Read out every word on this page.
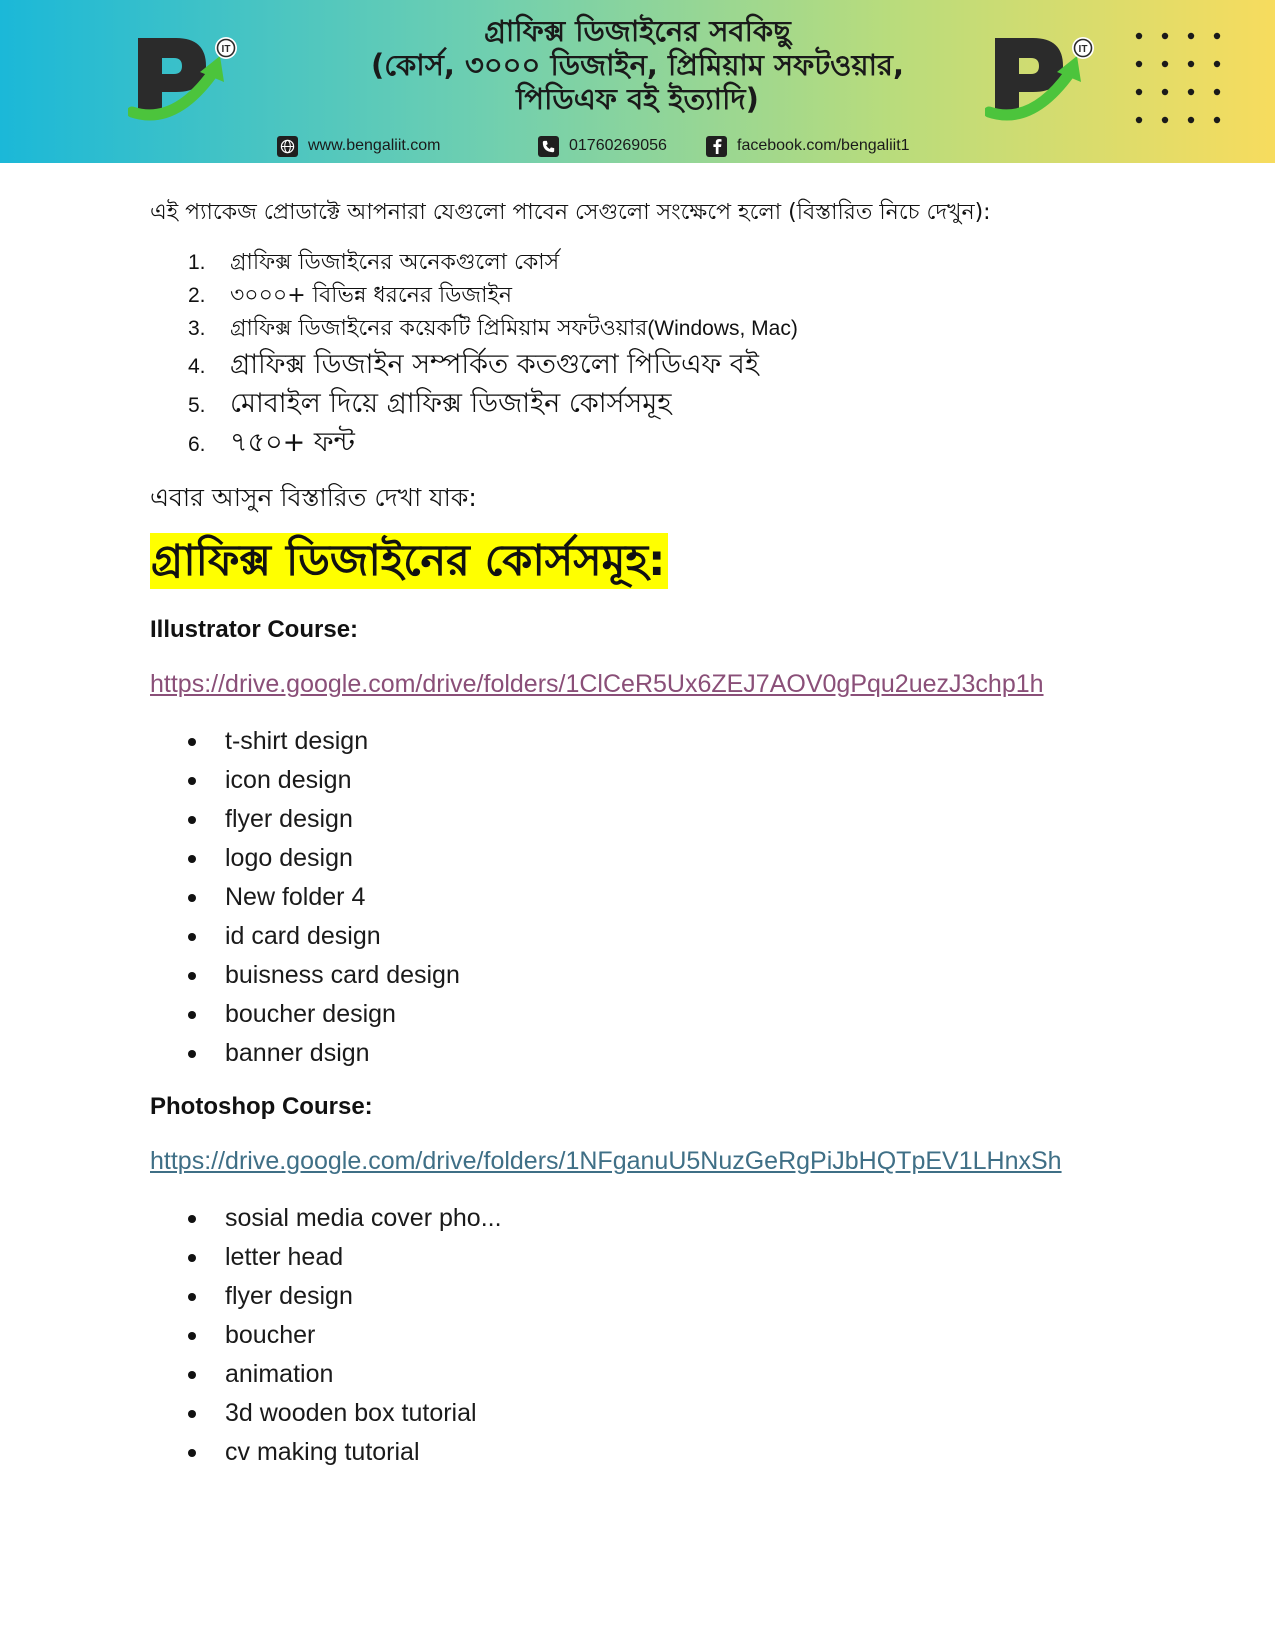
IT
গ্রাফিক্স ডিজাইনের সবকিছু
(কোর্স, ৩০০০ ডিজাইন, প্রিমিয়াম সফটওয়ার,
পিডিএফ বই ইত্যাদি)
IT
www.bengaliit.com	01760269056	facebook.com/bengaliit1
এই প্যাকেজ প্রোডাক্টে আপনারা যেগুলো পাবেন সেগুলো সংক্ষেপে হলো (বিস্তারিত নিচে দেখুন):
1.	গ্রাফিক্স ডিজাইনের অনেকগুলো কোর্স
2.	৩০০০+ বিভিন্ন ধরনের ডিজাইন
3.	গ্রাফিক্স ডিজাইনের কয়েকটি প্রিমিয়াম সফটওয়ার (Windows, Mac)
4. গ্রাফিক্স ডিজাইন সম্পর্কিত কতগুলো পিডিএফ বই
5. মোবাইল দিয়ে গ্রাফিক্স ডিজাইন কোর্সসমূহ
6. ৭৫০+ ফন্ট
এবার আসুন বিস্তারিত দেখা যাক:
গ্রাফিক্স ডিজাইনের কোর্সসমূহ:
Illustrator Course:
https://drive.google.com/drive/folders/1ClCeR5Ux6ZEJ7AOV0gPqu2uezJ3chp1h
t-shirt design
icon design
flyer design
logo design
New folder 4
id card design
buisness card design
boucher design
banner dsign
Photoshop Course:
https://drive.google.com/drive/folders/1NFganuU5NuzGeRgPiJbHQTpEV1LHnxSh
sosial media cover pho...
letter head
flyer design
boucher
animation
3d wooden box tutorial
cv making tutorial
